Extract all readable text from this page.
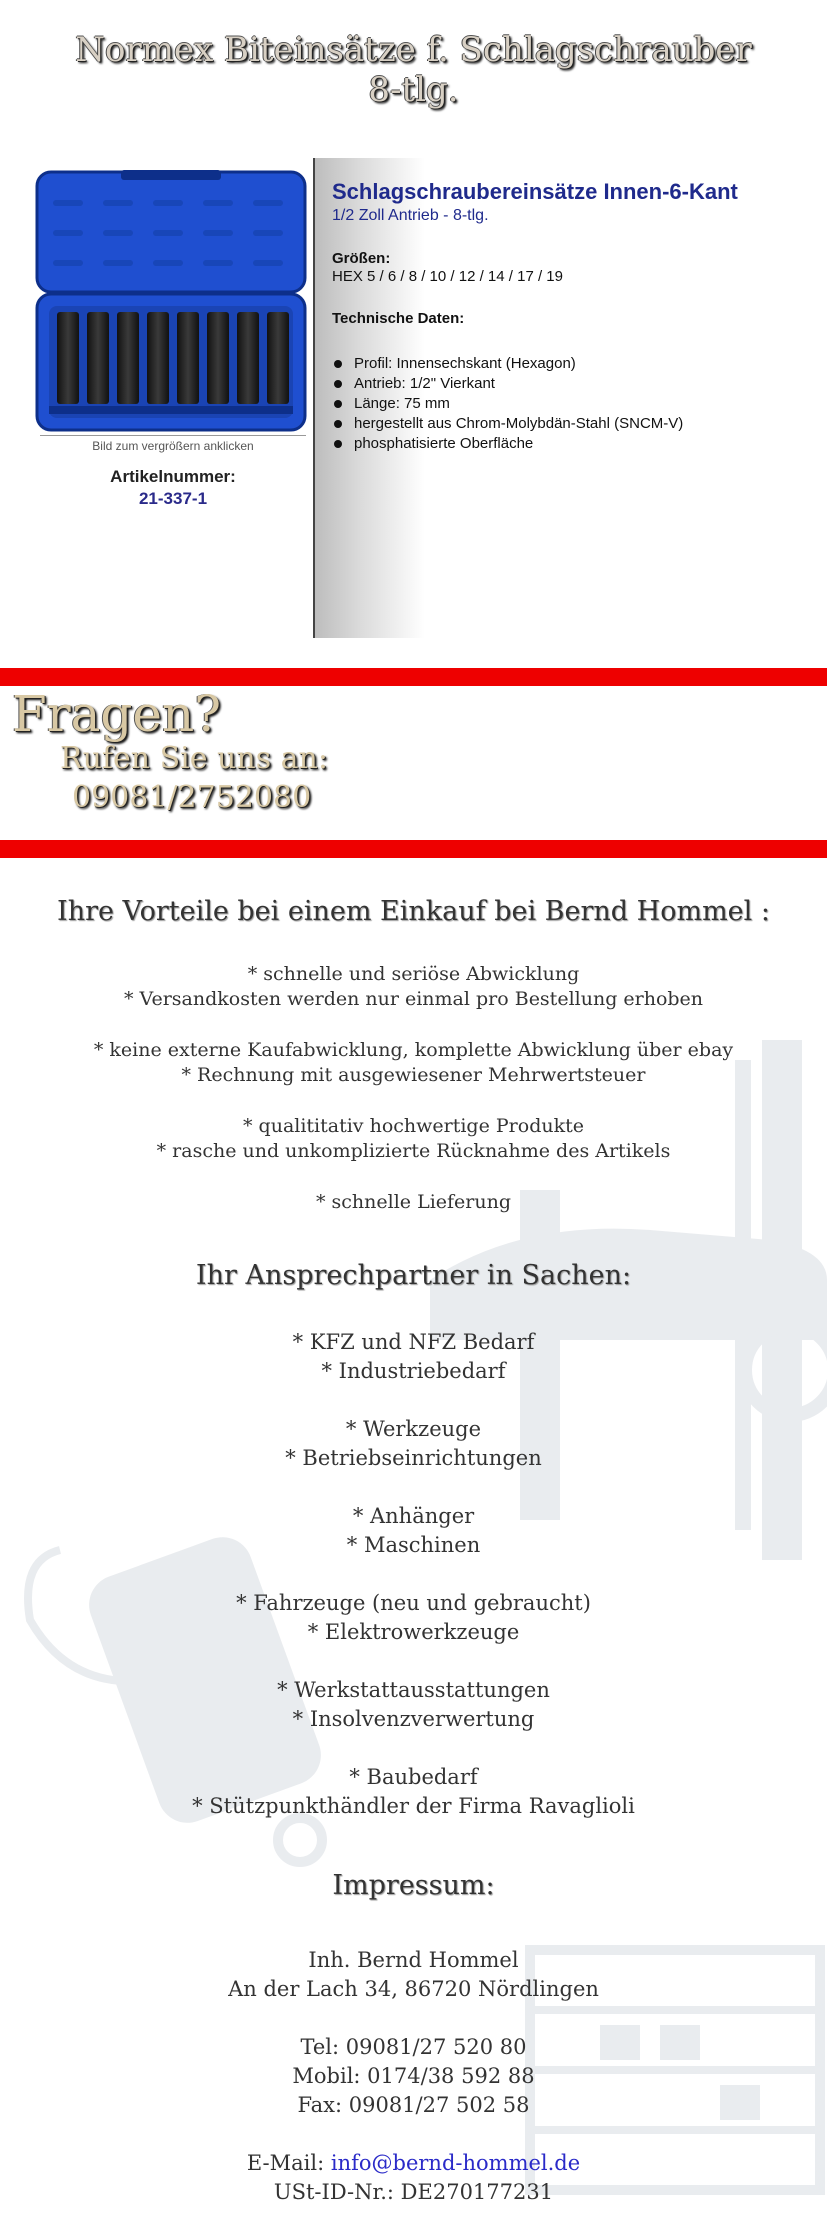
Normex Biteinsätze f. Schlagschrauber
8-tlg.
Bild zum vergrößern anklicken
Artikelnummer:
21-337-1
Schlagschraubereinsätze Innen-6-Kant
1/2 Zoll Antrieb - 8-tlg.
Größen:
HEX 5 / 6 / 8 / 10 / 12 / 14 / 17 / 19
Technische Daten:
Profil: Innensechskant (Hexagon)
Antrieb: 1/2" Vierkant
Länge: 75 mm
hergestellt aus Chrom-Molybdän-Stahl (SNCM-V)
phosphatisierte Oberfläche
Fragen?
Rufen Sie uns an:
09081/2752080
Ihre Vorteile bei einem Einkauf bei Bernd Hommel :
* schnelle und seriöse Abwicklung
* Versandkosten werden nur einmal pro Bestellung erhoben
* keine externe Kaufabwicklung, komplette Abwicklung über ebay
* Rechnung mit ausgewiesener Mehrwertsteuer
* qualititativ hochwertige Produkte
* rasche und unkomplizierte Rücknahme des Artikels
* schnelle Lieferung
Ihr Ansprechpartner in Sachen:
* KFZ und NFZ Bedarf
* Industriebedarf
* Werkzeuge
* Betriebseinrichtungen
* Anhänger
* Maschinen
* Fahrzeuge (neu und gebraucht)
* Elektrowerkzeuge
* Werkstattausstattungen
* Insolvenzverwertung
* Baubedarf
* Stützpunkthändler der Firma Ravaglioli
Impressum:
Inh. Bernd Hommel
An der Lach 34, 86720 Nördlingen
Tel: 09081/27 520 80
Mobil: 0174/38 592 88
Fax: 09081/27 502 58
E-Mail: info@bernd-hommel.de
USt-ID-Nr.: DE270177231
